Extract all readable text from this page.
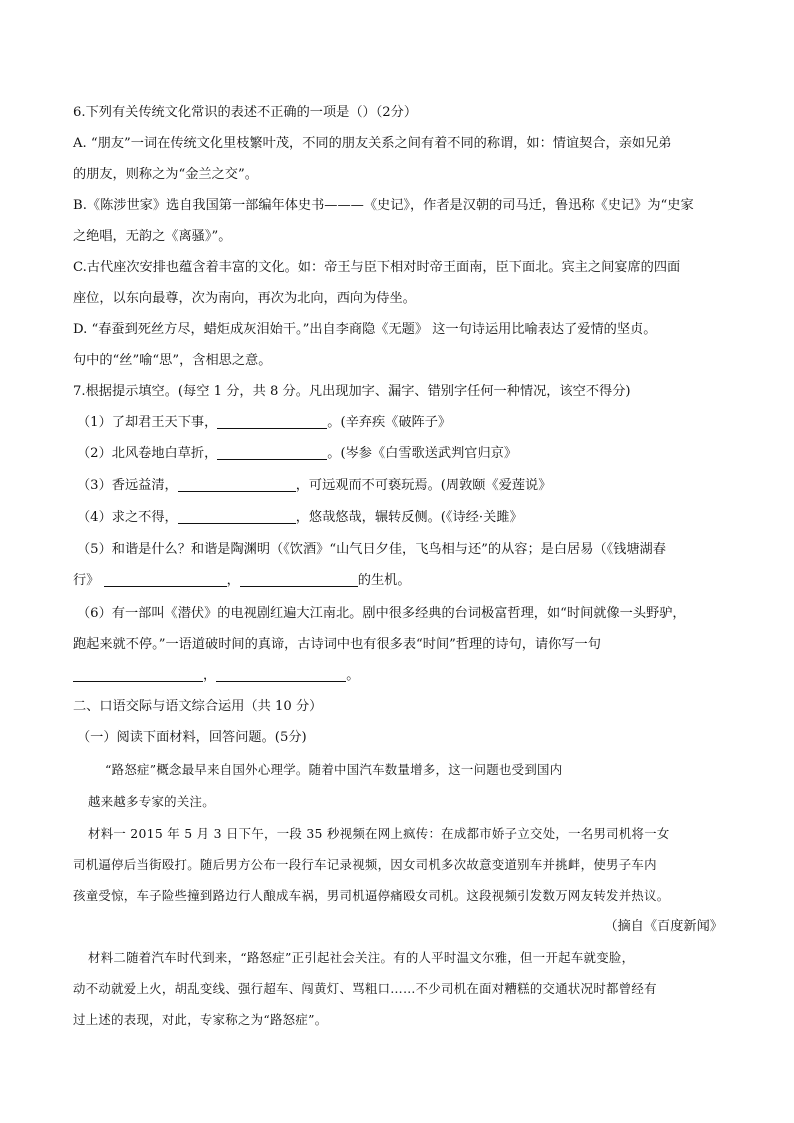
6.下列有关传统文化常识的表述不正确的一项是（）（2分）
A. “朋友”一词在传统文化里枝繁叶茂，不同的朋友关系之间有着不同的称谓，如：情谊契合，亲如兄弟
的朋友，则称之为“金兰之交”。
B.《陈涉世家》选自我国第一部编年体史书———《史记》，作者是汉朝的司马迁，鲁迅称《史记》为“史家
之绝唱，无韵之《离骚》”。
C.古代座次安排也蕴含着丰富的文化。如：帝王与臣下相对时帝王面南，臣下面北。宾主之间宴席的四面
座位，以东向最尊，次为南向，再次为北向，西向为侍坐。
D. “春蚕到死丝方尽，蜡炬成灰泪始干。”出自李商隐《无题》 这一句诗运用比喻表达了爱情的坚贞。
句中的“丝”喻“思”，含相思之意。
7.根据提示填空。(每空 1 分，共 8 分。凡出现加字、漏字、错别字任何一种情况，该空不得分)
（1）了却君王天下事，	。(辛弃疾《破阵子》
（2）北风卷地白草折，	。(岑参《白雪歌送武判官归京》
（3）香远益清，	，可远观而不可亵玩焉。(周敦颐《爱莲说》
（4）求之不得，	，悠哉悠哉，辗转反侧。(《诗经·关雎》
（5）和谐是什么？和谐是陶渊明（《饮酒》“山气日夕佳，飞鸟相与还”的从容；是白居易（《钱塘湖春
行》	，	的生机。
（6）有一部叫《潜伏》的电视剧红遍大江南北。剧中很多经典的台词极富哲理，如“时间就像一头野驴，
跑起来就不停。”一语道破时间的真谛，古诗词中也有很多表“时间”哲理的诗句，请你写一句
，	。
二、口语交际与语文综合运用（共 10 分）
（一）阅读下面材料，回答问题。(5分)
“路怒症”概念最早来自国外心理学。随着中国汽车数量增多，这一问题也受到国内
越来越多专家的关注。
材料一 2015 年 5 月 3 日下午，一段 35 秒视频在网上疯传：在成都市娇子立交处，一名男司机将一女
司机逼停后当街殴打。随后男方公布一段行车记录视频，因女司机多次故意变道别车并挑衅，使男子车内
孩童受惊，车子险些撞到路边行人酿成车祸，男司机逼停痛殴女司机。这段视频引发数万网友转发并热议。
（摘自《百度新闻》
材料二随着汽车时代到来，“路怒症”正引起社会关注。有的人平时温文尔雅，但一开起车就变脸，
动不动就爱上火，胡乱变线、强行超车、闯黄灯、骂粗口……不少司机在面对糟糕的交通状况时都曾经有
过上述的表现，对此，专家称之为“路怒症”。
